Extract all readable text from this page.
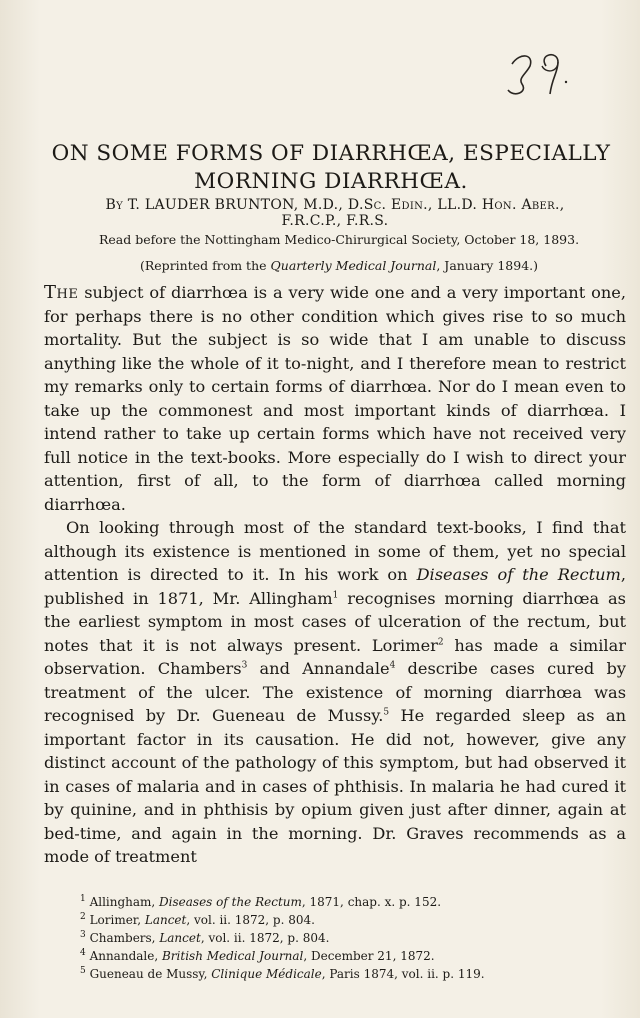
ON SOME FORMS OF DIARRHŒA, ESPECIALLY
MORNING DIARRHŒA.
By T. LAUDER BRUNTON, M.D., D.Sc. Edin., LL.D. Hon. Aber.,
F.R.C.P., F.R.S.
Read before the Nottingham Medico-Chirurgical Society, October 18, 1893.
(Reprinted from the Quarterly Medical Journal, January 1894.)

The subject of diarrhœa is a very wide one and a very important one, for perhaps there is no other condition which gives rise to so much mortality. But the subject is so wide that I am unable to discuss anything like the whole of it to-night, and I therefore mean to restrict my remarks only to certain forms of diarrhœa. Nor do I mean even to take up the commonest and most important kinds of diarrhœa. I intend rather to take up certain forms which have not received very full notice in the text-books. More especially do I wish to direct your attention, first of all, to the form of diarrhœa called morning diarrhœa.

On looking through most of the standard text-books, I find that although its existence is mentioned in some of them, yet no special attention is directed to it. In his work on Diseases of the Rectum, published in 1871, Mr. Allingham$^1$ recognises morning diarrhœa as the earliest symptom in most cases of ulceration of the rectum, but notes that it is not always present. Lorimer$^2$ has made a similar observation. Chambers$^3$ and Annandale$^4$ describe cases cured by treatment of the ulcer. The existence of morning diarrhœa was recognised by Dr. Gueneau de Mussy.$^5$ He regarded sleep as an important factor in its causation. He did not, however, give any distinct account of the pathology of this symptom, but had observed it in cases of malaria and in cases of phthisis. In malaria he had cured it by quinine, and in phthisis by opium given just after dinner, again at bed-time, and again in the morning. Dr. Graves recommends as a mode of treatment

$^1$ Allingham, Diseases of the Rectum, 1871, chap. x. p. 152.
$^2$ Lorimer, Lancet, vol. ii. 1872, p. 804.
$^3$ Chambers, Lancet, vol. ii. 1872, p. 804.
$^4$ Annandale, British Medical Journal, December 21, 1872.
$^5$ Gueneau de Mussy, Clinique Médicale, Paris 1874, vol. ii. p. 119.
